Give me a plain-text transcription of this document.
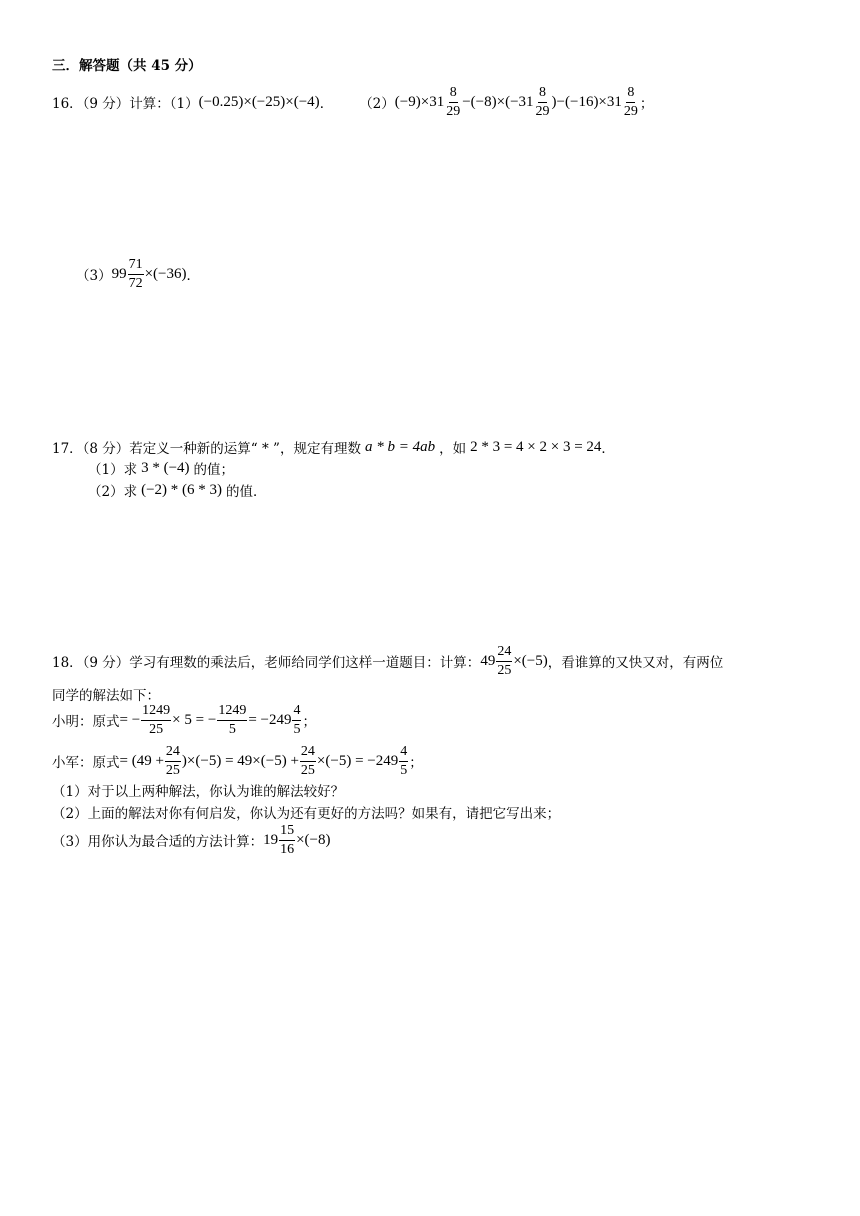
三．解答题（共 45 分）
16．（9 分）计算：（1） (−0.25)×(−25)×(−4) ． （2） $(-9)\times 31 \frac{8}{29} -(-8)\times(-31 \frac{8}{29} )-(-16)\times 31 \frac{8}{29}$ ；
（3） $99 \frac{71}{72} \times(-36)$ ．
17．（8 分）若定义一种新的运算“ * ”，规定有理数 a * b = 4ab ，如 2 * 3 = 4 × 2 × 3 = 24 ．
（1）求 3 * (−4) 的值；
（2）求 (−2) * (6 * 3) 的值．
18．（9 分）学习有理数的乘法后，老师给同学们这样一道题目：计算： $49 \frac{24}{25} \times(-5)$ ，看谁算的又快又对，有两位
同学的解法如下：
小明：原式 = − $\frac{1249}{25} \times 5$ = − $\frac{1249}{5} = -249 \frac{4}{5}$ ；
小军：原式 = $(49 + \frac{24}{25} )\times(-5) = 49\times(-5) + \frac{24}{25} \times(-5) = -249 \frac{4}{5}$ ；
（1）对于以上两种解法，你认为谁的解法较好？
（2）上面的解法对你有何启发，你认为还有更好的方法吗？如果有，请把它写出来；
（3）用你认为最合适的方法计算： $19 \frac{15}{16} \times(-8)$
